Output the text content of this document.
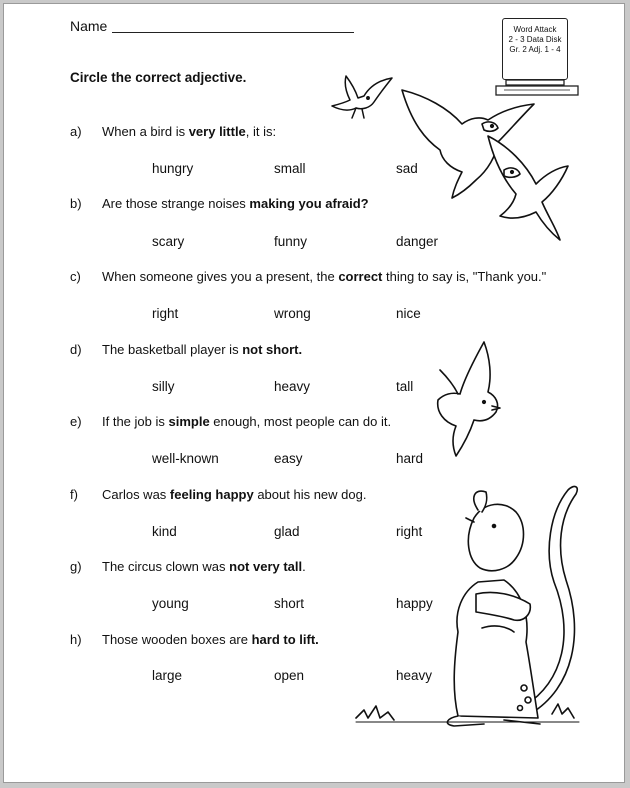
Name	Word Attack
2 - 3 Data Disk
Gr. 2 Adj. 1 - 4
Circle the correct adjective.
a) When a bird is very little, it is:
hungry	small	sad
b) Are those strange noises making you afraid?
scary	funny	danger
c) When someone gives you a present, the correct thing to say is, "Thank you."
right	wrong	nice
d) The basketball player is not short.
silly	heavy	tall
e) If the job is simple enough, most people can do it.
well-known	easy	hard
f) Carlos was feeling happy about his new dog.
kind	glad	right
g) The circus clown was not very tall.
young	short	happy
h) Those wooden boxes are hard to lift.
large	open	heavy
